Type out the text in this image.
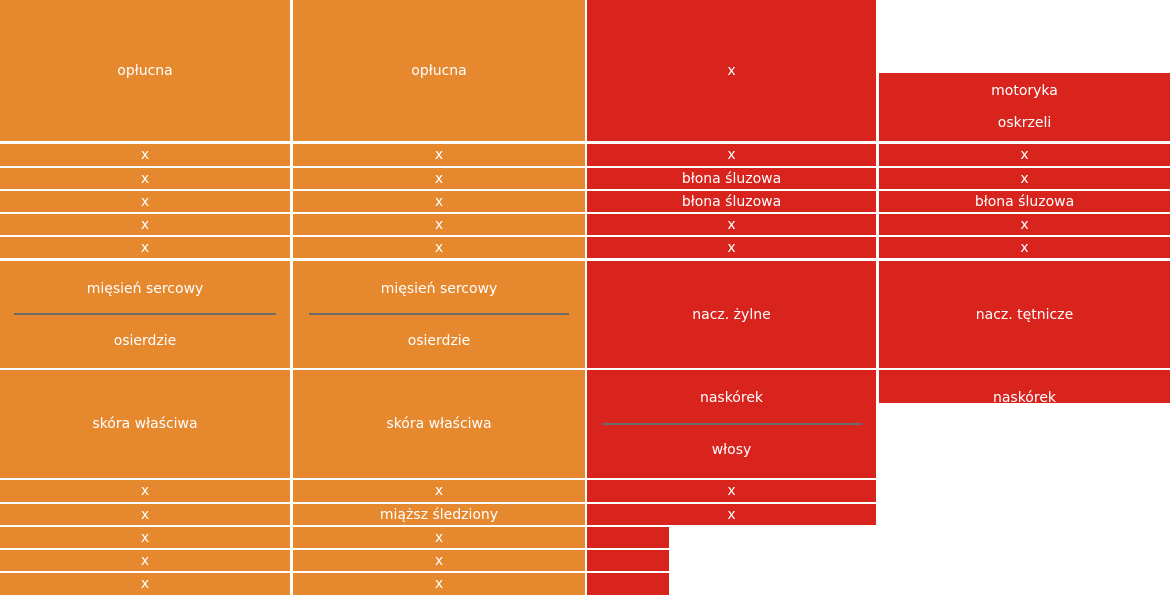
opłucna
x
x
x
x
x
mięsień sercowy
osierdzie
skóra właściwa
x
x
x
x
x
opłucna
x
x
x
x
x
mięsień sercowy
osierdzie
skóra właściwa
x
miąższ śledziony
x
x
x
x
x
błona śluzowa
błona śluzowa
x
x
nacz. żylne
naskórek
włosy
x
x
motoryka
oskrzeli
x
x
błona śluzowa
x
x
nacz. tętnicze
naskórek
